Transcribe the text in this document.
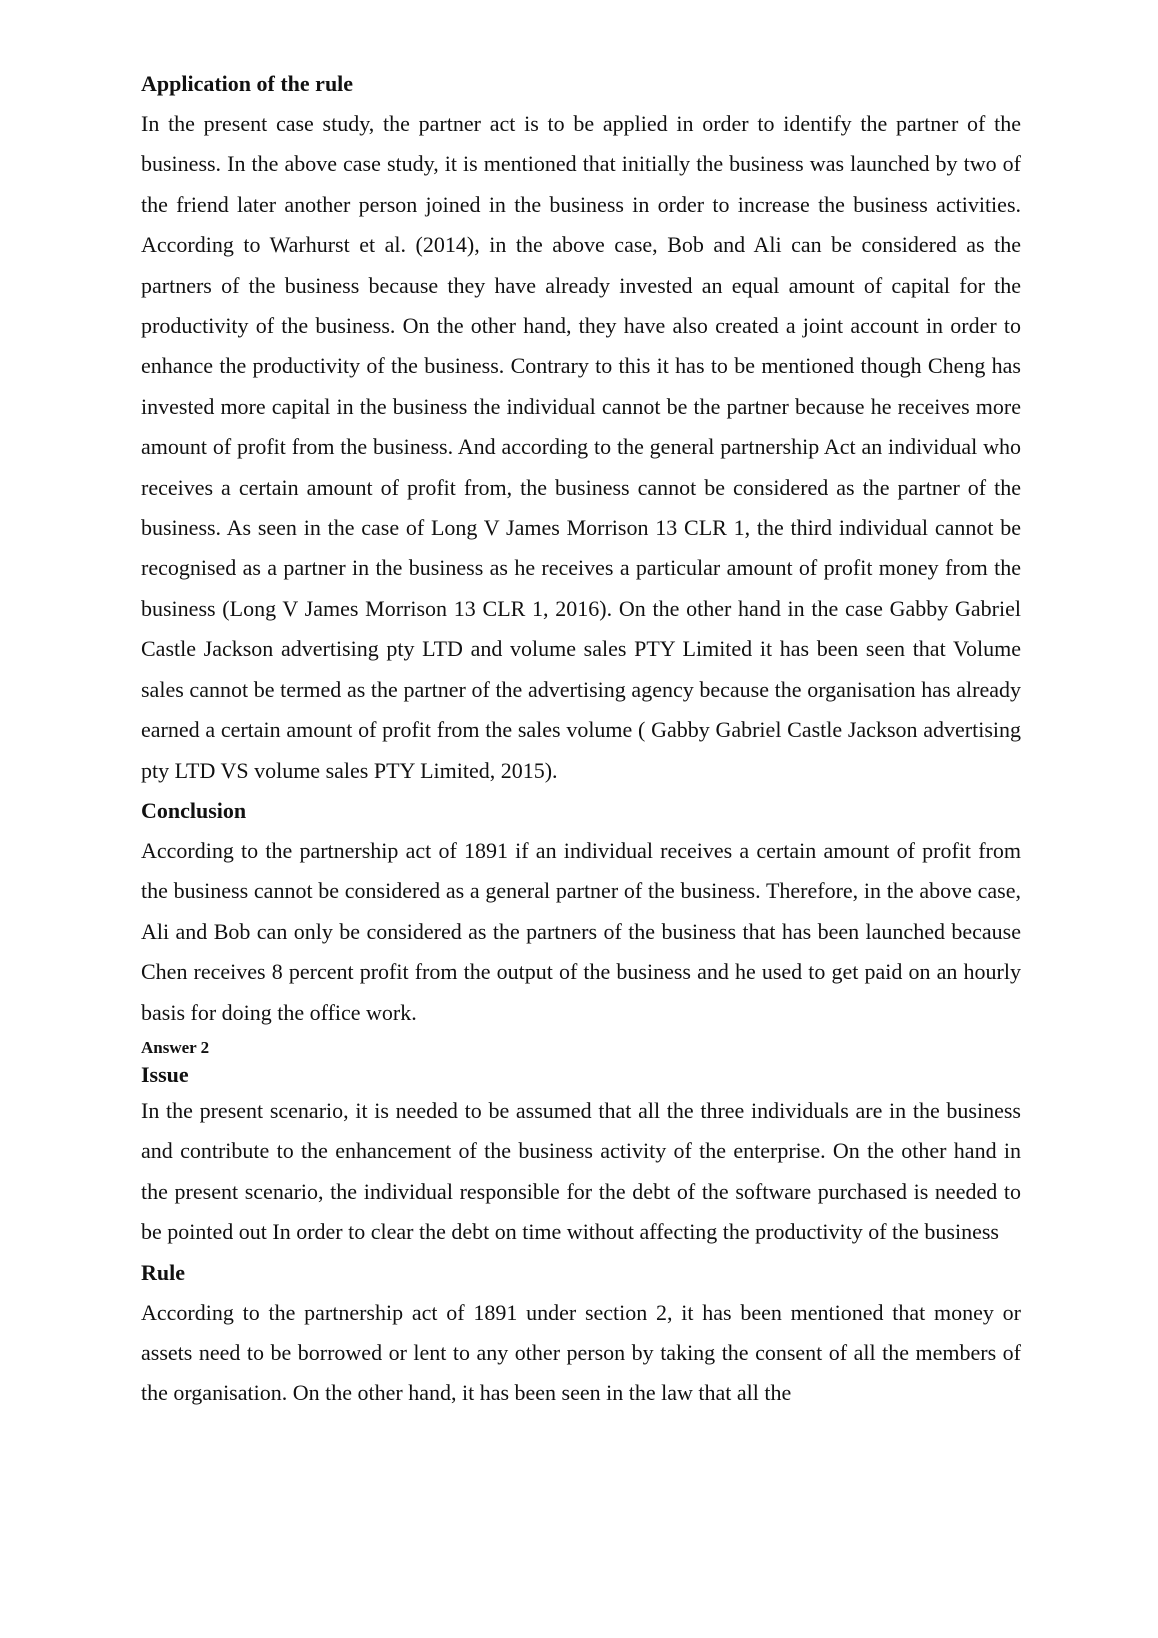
Application of the rule

In the present case study, the partner act is to be applied in order to identify the partner of the business. In the above case study, it is mentioned that initially the business was launched by two of the friend later another person joined in the business in order to increase the business activities. According to Warhurst et al. (2014), in the above case, Bob and Ali can be considered as the partners of the business because they have already invested an equal amount of capital for the productivity of the business. On the other hand, they have also created a joint account in order to enhance the productivity of the business. Contrary to this it has to be mentioned though Cheng has invested more capital in the business the individual cannot be the partner because he receives more amount of profit from the business. And according to the general partnership Act an individual who receives a certain amount of profit from, the business cannot be considered as the partner of the business. As seen in the case of Long V James Morrison 13 CLR 1, the third individual cannot be recognised as a partner in the business as he receives a particular amount of profit money from the business (Long V James Morrison 13 CLR 1, 2016). On the other hand in the case Gabby Gabriel Castle Jackson advertising pty LTD and volume sales PTY Limited it has been seen that Volume sales cannot be termed as the partner of the advertising agency because the organisation has already earned a certain amount of profit from the sales volume ( Gabby Gabriel Castle Jackson advertising pty LTD VS volume sales PTY Limited, 2015).

Conclusion

According to the partnership act of 1891 if an individual receives a certain amount of profit from the business cannot be considered as a general partner of the business. Therefore, in the above case, Ali and Bob can only be considered as the partners of the business that has been launched because Chen receives 8 percent profit from the output of the business and he used to get paid on an hourly basis for doing the office work.

Answer 2
Issue

In the present scenario, it is needed to be assumed that all the three individuals are in the business and contribute to the enhancement of the business activity of the enterprise. On the other hand in the present scenario, the individual responsible for the debt of the software purchased is needed to be pointed out In order to clear the debt on time without affecting the productivity of the business

Rule

According to the partnership act of 1891 under section 2, it has been mentioned that money or assets need to be borrowed or lent to any other person by taking the consent of all the members of the organisation. On the other hand, it has been seen in the law that all the
